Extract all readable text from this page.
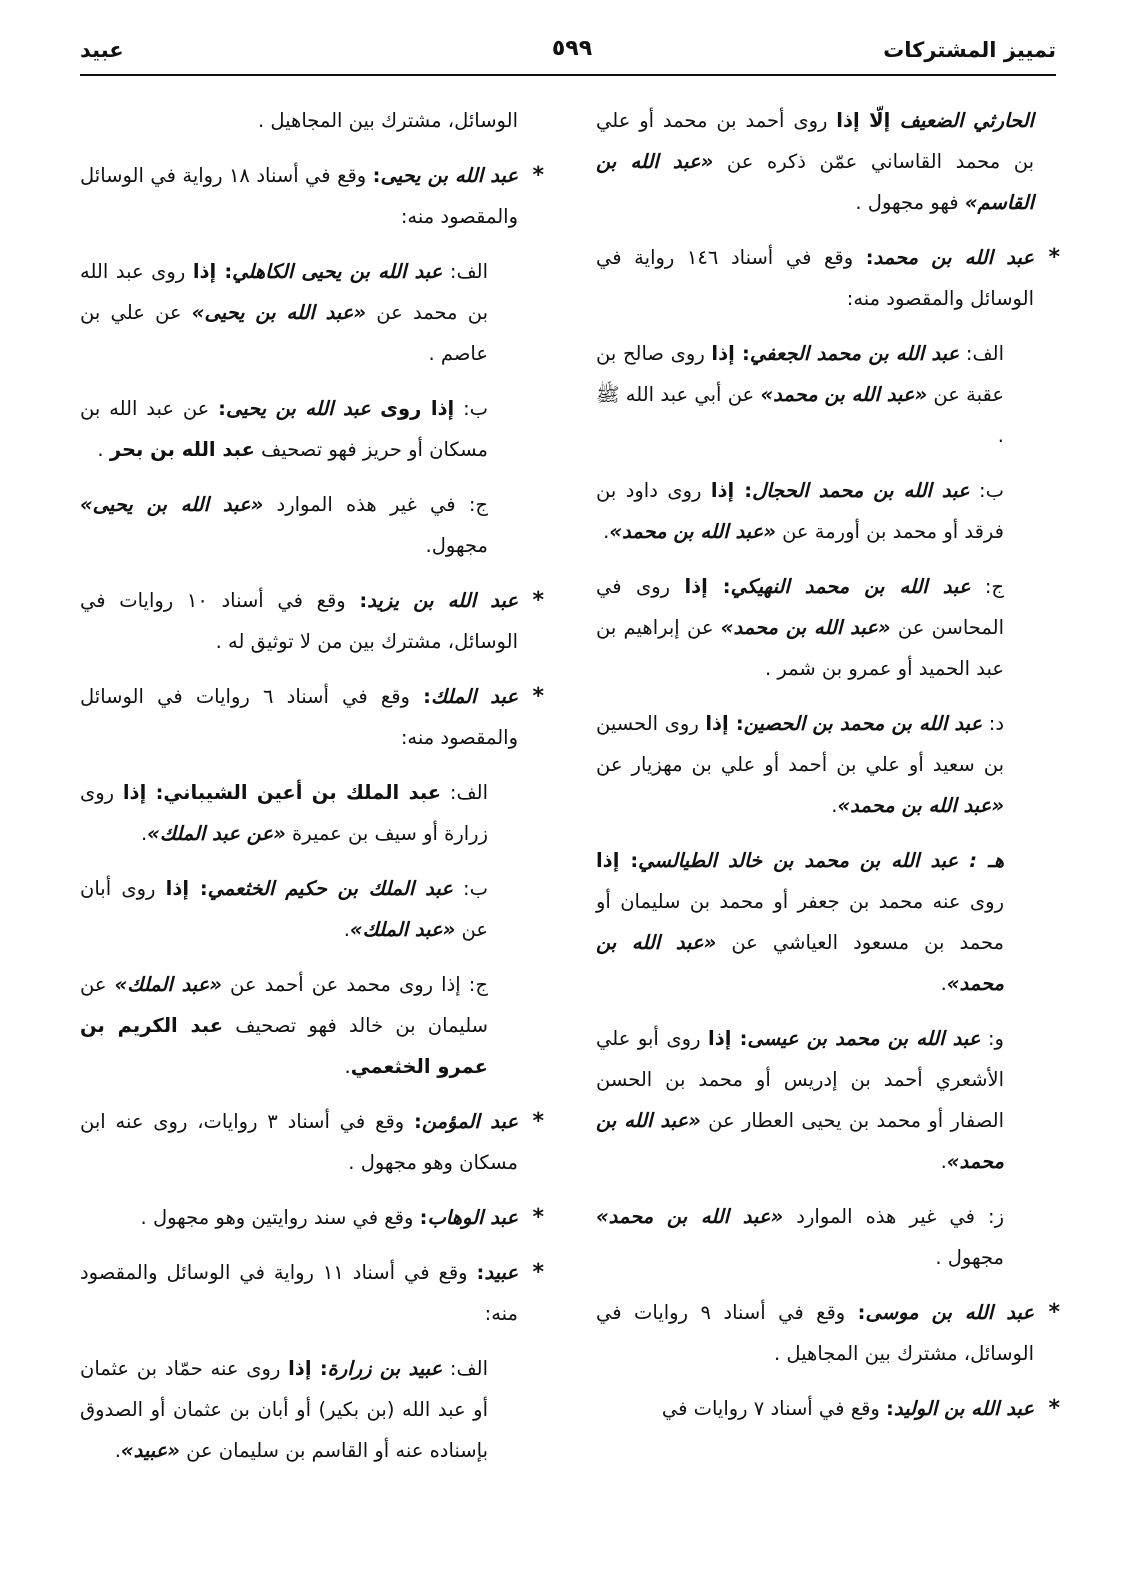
تمييز المشتركات
٥٩٩
عبيد

الحارثي الضعيف إلّا إذا روى أحمد بن محمد أو علي بن محمد القاساني عمّن ذكره عن «عبد الله بن القاسم» فهو مجهول .

*
عبد الله بن محمد: وقع في أسناد ١٤٦ رواية في الوسائل والمقصود منه:

الف: عبد الله بن محمد الجعفي: إذا روى صالح بن عقبة عن «عبد الله بن محمد» عن أبي عبد الله ﷺ .

ب: عبد الله بن محمد الحجال: إذا روى داود بن فرقد أو محمد بن أورمة عن «عبد الله بن محمد».

ج: عبد الله بن محمد النهيكي: إذا روى في المحاسن عن «عبد الله بن محمد» عن إبراهيم بن عبد الحميد أو عمرو بن شمر .

د: عبد الله بن محمد بن الحصين: إذا روى الحسين بن سعيد أو علي بن أحمد أو علي بن مهزيار عن «عبد الله بن محمد».

هـ : عبد الله بن محمد بن خالد الطيالسي: إذا روى عنه محمد بن جعفر أو محمد بن سليمان أو محمد بن مسعود العياشي عن «عبد الله بن محمد».

و: عبد الله بن محمد بن عيسى: إذا روى أبو علي الأشعري أحمد بن إدريس أو محمد بن الحسن الصفار أو محمد بن يحيى العطار عن «عبد الله بن محمد».

ز: في غير هذه الموارد «عبد الله بن محمد» مجهول .

*
عبد الله بن موسى: وقع في أسناد ٩ روايات في الوسائل، مشترك بين المجاهيل .

*
عبد الله بن الوليد: وقع في أسناد ٧ روايات في

الوسائل، مشترك بين المجاهيل .

*
عبد الله بن يحيى: وقع في أسناد ١٨ رواية في الوسائل والمقصود منه:

الف: عبد الله بن يحيى الكاهلي: إذا روى عبد الله بن محمد عن «عبد الله بن يحيى» عن علي بن عاصم .

ب: إذا روى عبد الله بن يحيى: عن عبد الله بن مسكان أو حريز فهو تصحيف عبد الله بن بحر .

ج: في غير هذه الموارد «عبد الله بن يحيى» مجهول.

*
عبد الله بن يزيد: وقع في أسناد ١٠ روايات في الوسائل، مشترك بين من لا توثيق له .

*
عبد الملك: وقع في أسناد ٦ روايات في الوسائل والمقصود منه:

الف: عبد الملك بن أعين الشيباني: إذا روى زرارة أو سيف بن عميرة «عن عبد الملك».

ب: عبد الملك بن حكيم الخثعمي: إذا روى أبان عن «عبد الملك».

ج: إذا روى محمد عن أحمد عن «عبد الملك» عن سليمان بن خالد فهو تصحيف عبد الكريم بن عمرو الخثعمي.

*
عبد المؤمن: وقع في أسناد ٣ روايات، روى عنه ابن مسكان وهو مجهول .

*
عبد الوهاب: وقع في سند روايتين وهو مجهول .

*
عبيد: وقع في أسناد ١١ رواية في الوسائل والمقصود منه:

الف: عبيد بن زرارة: إذا روى عنه حمّاد بن عثمان أو عبد الله (بن بكير) أو أبان بن عثمان أو الصدوق بإسناده عنه أو القاسم بن سليمان عن «عبيد».
